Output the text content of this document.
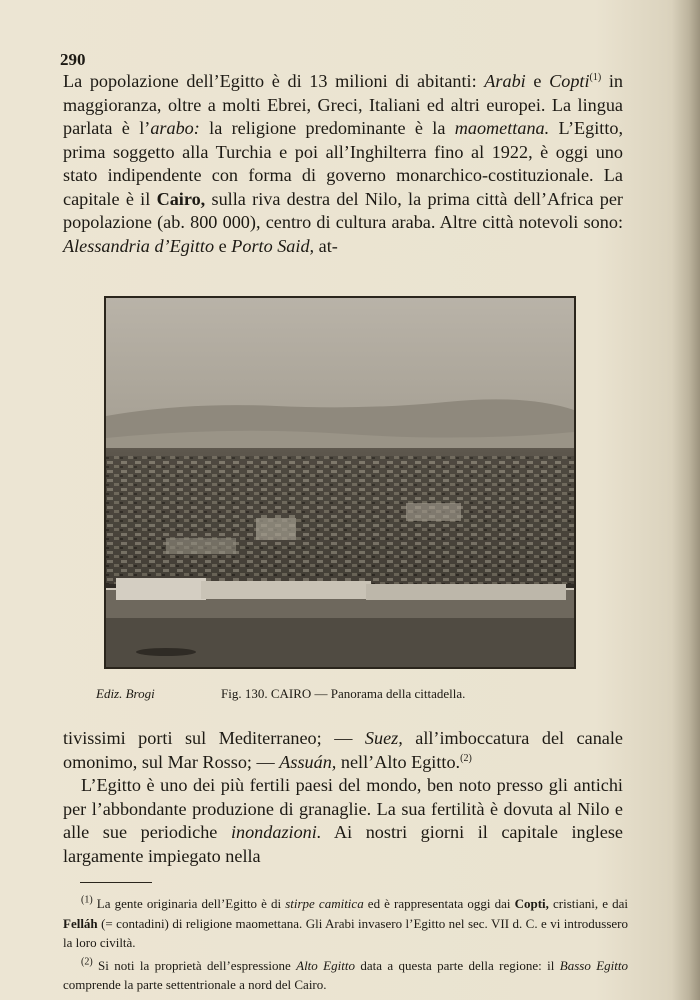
290

La popolazione dell’Egitto è di 13 milioni di abitanti: Arabi e Copti$^{(1)}$ in maggioranza, oltre a molti Ebrei, Greci, Italiani ed altri europei. La lingua parlata è l’arabo: la religione predominante è la maomettana. L’Egitto, prima soggetto alla Turchia e poi all’Inghilterra fino al 1922, è oggi uno stato indipendente con forma di governo monarchico-costituzionale. La capitale è il Cairo, sulla riva destra del Nilo, la prima città dell’Africa per popolazione (ab. 800 000), centro di cultura araba. Altre città notevoli sono: Alessandria d’Egitto e Porto Said, at-

Ediz. Brogi	Fig. 130. CAIRO — Panorama della cittadella.

tivissimi porti sul Mediterraneo; — Suez, all’imboccatura del canale omonimo, sul Mar Rosso; — Assuán, nell’Alto Egitto.$^{(2)}$

L’Egitto è uno dei più fertili paesi del mondo, ben noto presso gli antichi per l’abbondante produzione di granaglie. La sua fertilità è dovuta al Nilo e alle sue periodiche inondazioni. Ai nostri giorni il capitale inglese largamente impiegato nella

$^{(1)}$ La gente originaria dell’Egitto è di stirpe camitica ed è rappresentata oggi dai Copti, cristiani, e dai Felláh (= contadini) di religione maomettana. Gli Arabi invasero l’Egitto nel sec. VII d. C. e vi introdussero la loro civiltà.

$^{(2)}$ Si noti la proprietà dell’espressione Alto Egitto data a questa parte della regione: il Basso Egitto comprende la parte settentrionale a nord del Cairo.
